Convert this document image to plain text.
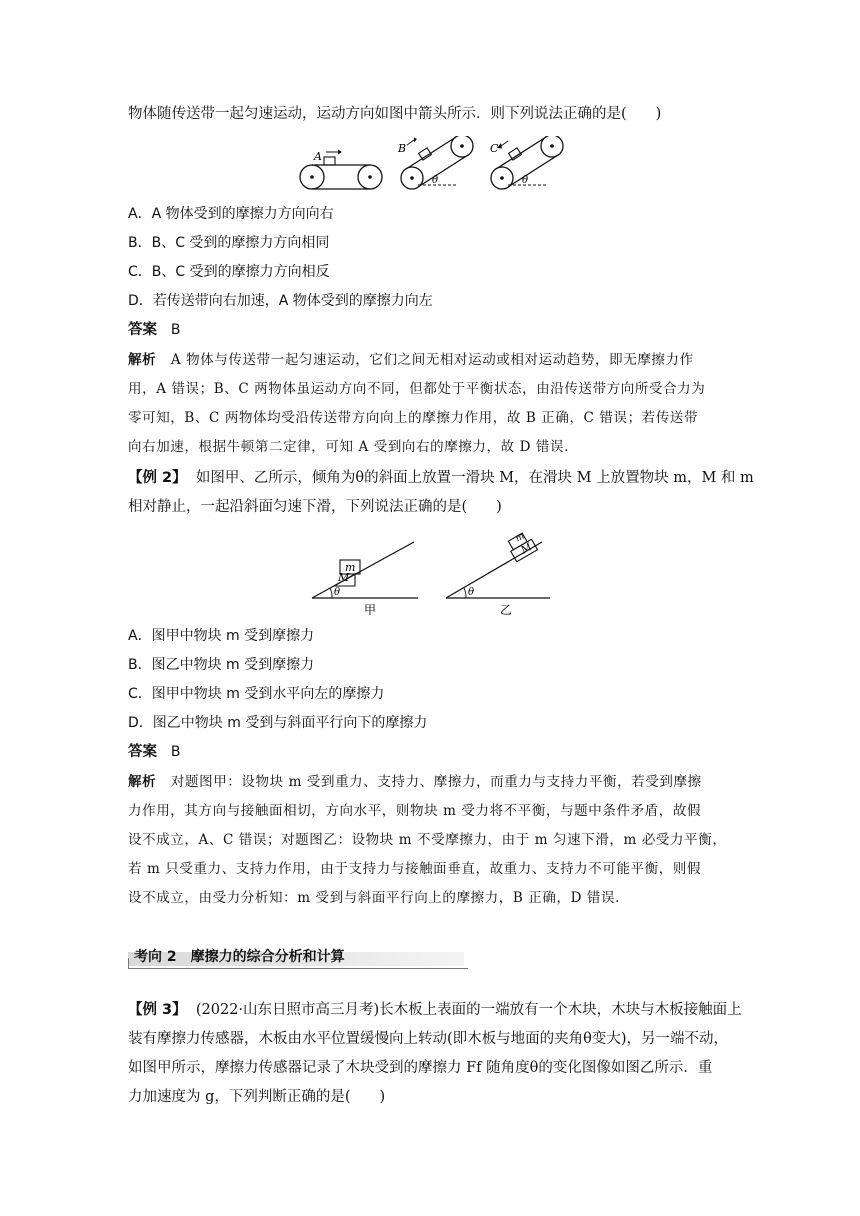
物体随传送带一起匀速运动，运动方向如图中箭头所示．则下列说法正确的是(　　)
A
B
θ
C
θ
A．A 物体受到的摩擦力方向向右
B．B、C 受到的摩擦力方向相同
C．B、C 受到的摩擦力方向相反
D．若传送带向右加速，A 物体受到的摩擦力向左
答案 B
解析 A 物体与传送带一起匀速运动，它们之间无相对运动或相对运动趋势，即无摩擦力作
用，A 错误；B、C 两物体虽运动方向不同，但都处于平衡状态，由沿传送带方向所受合力为
零可知，B、C 两物体均受沿传送带方向向上的摩擦力作用，故 B 正确，C 错误；若传送带
向右加速，根据牛顿第二定律，可知 A 受到向右的摩擦力，故 D 错误．
【例 2】 如图甲、乙所示，倾角为θ的斜面上放置一滑块 M，在滑块 M 上放置物块 m，M 和 m
相对静止，一起沿斜面匀速下滑，下列说法正确的是(　　)
m
M
θ
甲
m
M
θ
乙
A．图甲中物块 m 受到摩擦力
B．图乙中物块 m 受到摩擦力
C．图甲中物块 m 受到水平向左的摩擦力
D．图乙中物块 m 受到与斜面平行向下的摩擦力
答案 B
解析 对题图甲：设物块 m 受到重力、支持力、摩擦力，而重力与支持力平衡，若受到摩擦
力作用，其方向与接触面相切，方向水平，则物块 m 受力将不平衡，与题中条件矛盾，故假
设不成立，A、C 错误；对题图乙：设物块 m 不受摩擦力，由于 m 匀速下滑，m 必受力平衡，
若 m 只受重力、支持力作用，由于支持力与接触面垂直，故重力、支持力不可能平衡，则假
设不成立，由受力分析知：m 受到与斜面平行向上的摩擦力，B 正确，D 错误．
考向 2　摩擦力的综合分析和计算
【例 3】 (2022·山东日照市高三月考)长木板上表面的一端放有一个木块，木块与木板接触面上
装有摩擦力传感器，木板由水平位置缓慢向上转动(即木板与地面的夹角θ变大)，另一端不动，
如图甲所示，摩擦力传感器记录了木块受到的摩擦力 Ff 随角度θ的变化图像如图乙所示．重
力加速度为 g，下列判断正确的是(　　)
